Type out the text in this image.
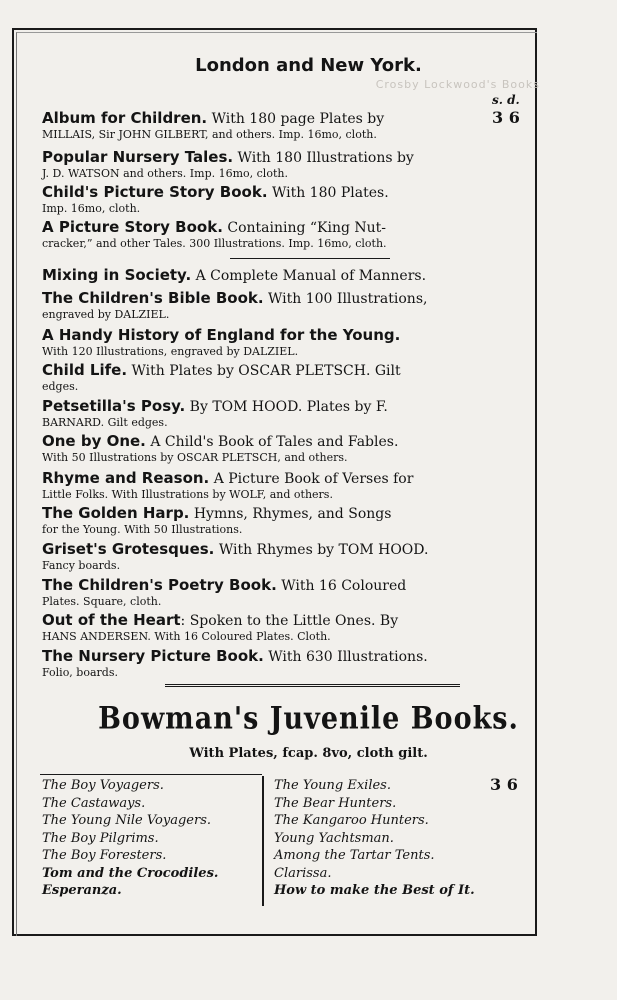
London and New York.
Crosby Lockwood's Books
s. d.
Album for Children. With 180 page Plates by
MILLAIS, Sir JOHN GILBERT, and others. Imp. 16mo, cloth.
3 6
Popular Nursery Tales. With 180 Illustrations by
J. D. WATSON and others. Imp. 16mo, cloth.
Child's Picture Story Book. With 180 Plates.
Imp. 16mo, cloth.
A Picture Story Book. Containing “King Nut-
cracker,” and other Tales. 300 Illustrations. Imp. 16mo, cloth.
Mixing in Society. A Complete Manual of Manners.
The Children's Bible Book. With 100 Illustrations,
engraved by DALZIEL.
A Handy History of England for the Young.
With 120 Illustrations, engraved by DALZIEL.
Child Life. With Plates by OSCAR PLETSCH. Gilt
edges.
Petsetilla's Posy. By TOM HOOD. Plates by F.
BARNARD. Gilt edges.
One by One. A Child's Book of Tales and Fables.
With 50 Illustrations by OSCAR PLETSCH, and others.
Rhyme and Reason. A Picture Book of Verses for
Little Folks. With Illustrations by WOLF, and others.
The Golden Harp. Hymns, Rhymes, and Songs
for the Young. With 50 Illustrations.
Griset's Grotesques. With Rhymes by TOM HOOD.
Fancy boards.
The Children's Poetry Book. With 16 Coloured
Plates. Square, cloth.
Out of the Heart: Spoken to the Little Ones. By
HANS ANDERSEN. With 16 Coloured Plates. Cloth.
The Nursery Picture Book. With 630 Illustrations.
Folio, boards.
Bowman's Juvenile Books.
With Plates, fcap. 8vo, cloth gilt.
The Boy Voyagers.
The Castaways.
The Young Nile Voyagers.
The Boy Pilgrims.
The Boy Foresters.
Tom and the Crocodiles.
Esperanza.
The Young Exiles.
The Bear Hunters.
The Kangaroo Hunters.
Young Yachtsman.
Among the Tartar Tents.
Clarissa.
How to make the Best of It.
3 6
